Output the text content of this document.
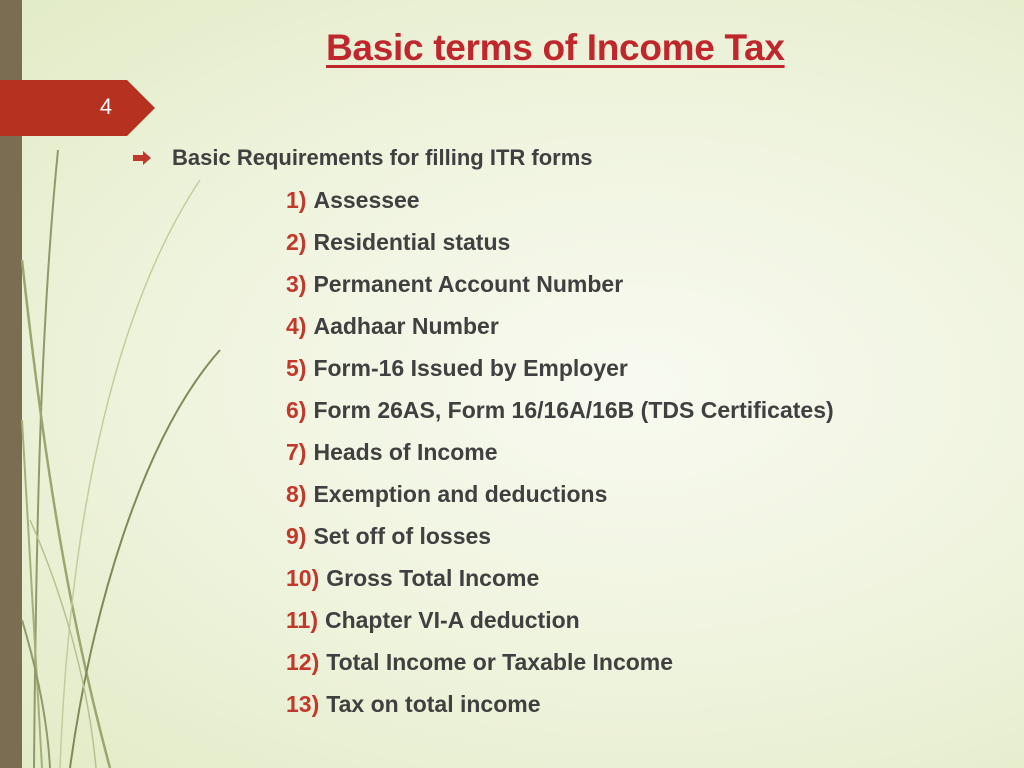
4
Basic terms of Income Tax
Basic Requirements for filling ITR forms
1) Assessee
2) Residential status
3) Permanent Account Number
4) Aadhaar Number
5) Form-16 Issued by Employer
6) Form 26AS, Form 16/16A/16B (TDS Certificates)
7) Heads of Income
8) Exemption and deductions
9) Set off of losses
10) Gross Total Income
11) Chapter VI-A deduction
12) Total Income or Taxable Income
13) Tax on total income
